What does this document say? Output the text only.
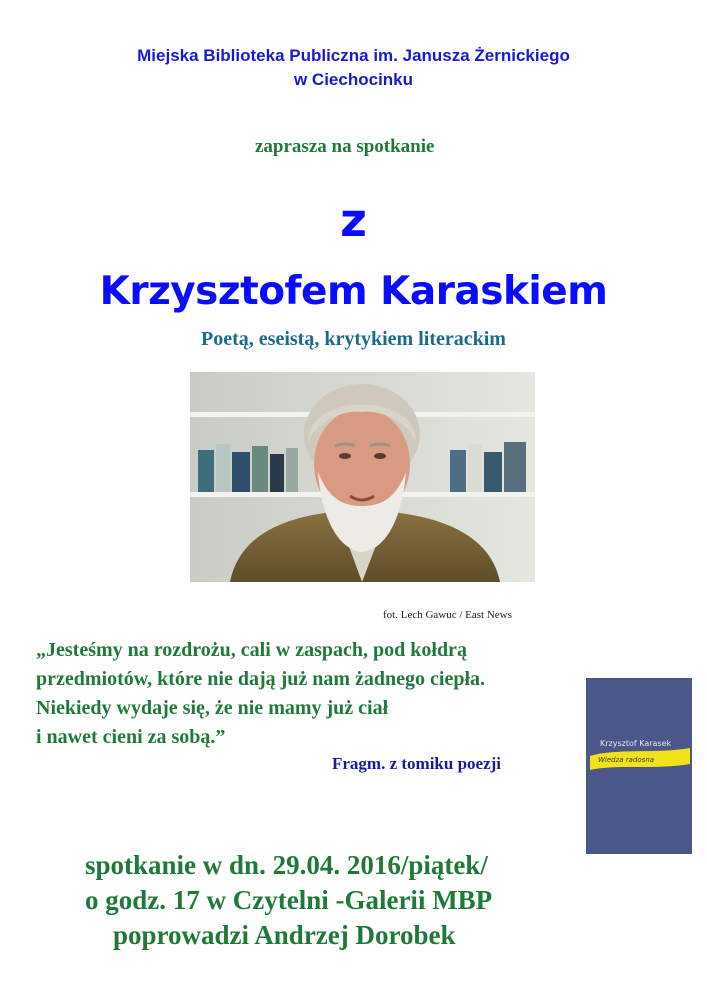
Miejska Biblioteka Publiczna im. Janusza Żernickiego
w Ciechocinku
zaprasza na spotkanie
z
Krzysztofem Karaskiem
Poetą, eseistą, krytykiem literackim
fot. Lech Gawuc / East News
„Jesteśmy na rozdrożu, cali w zaspach, pod kołdrą
przedmiotów, które nie dają już nam żadnego ciepła.
Niekiedy wydaje się, że nie mamy już ciał
i nawet cieni za sobą.”
Fragm. z tomiku poezji
Krzysztof Karasek
Wiedza radosna
spotkanie w dn. 29.04. 2016/piątek/
o godz. 17 w Czytelni -Galerii MBP
poprowadzi Andrzej Dorobek
